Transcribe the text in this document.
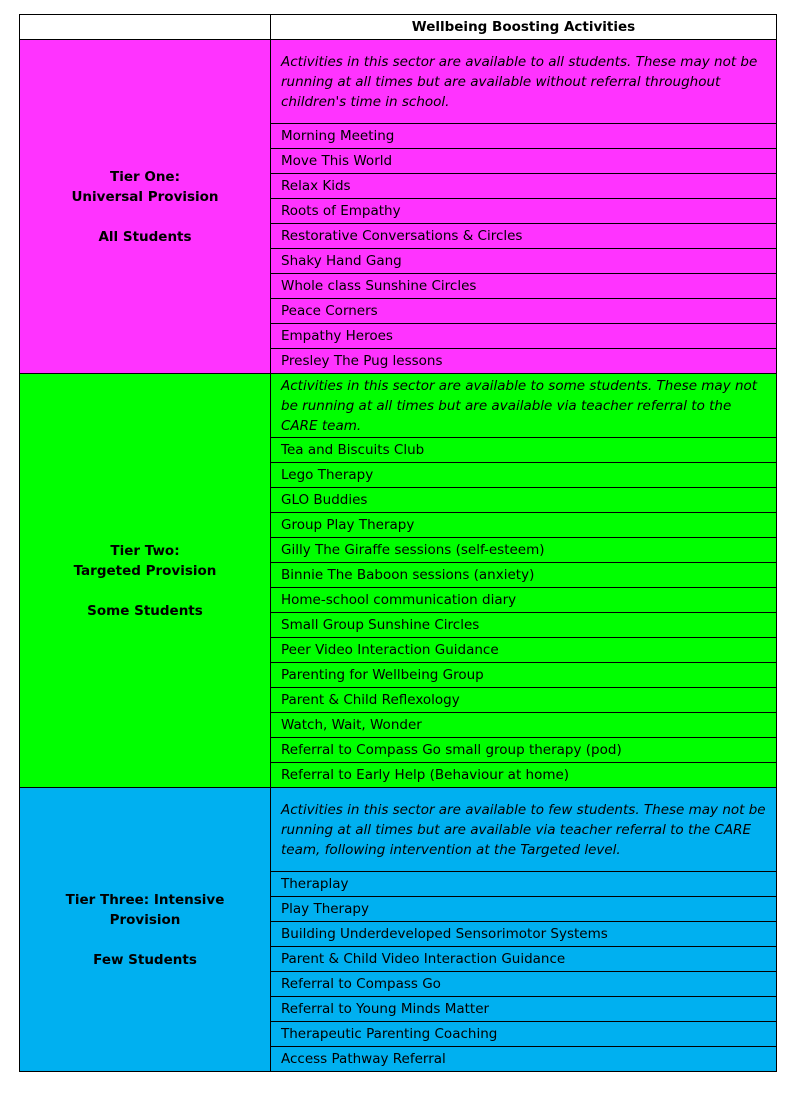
	Wellbeing Boosting Activities

Tier One:
Universal Provision
All Students	Activities in this sector are available to all students. These may not be running at all times but are available without referral throughout children's time in school.
	Morning Meeting
	Move This World
	Relax Kids
	Roots of Empathy
	Restorative Conversations & Circles
	Shaky Hand Gang
	Whole class Sunshine Circles
	Peace Corners
	Empathy Heroes
	Presley The Pug lessons

Tier Two:
Targeted Provision
Some Students	Activities in this sector are available to some students. These may not be running at all times but are available via teacher referral to the CARE team.
	Tea and Biscuits Club
	Lego Therapy
	GLO Buddies
	Group Play Therapy
	Gilly The Giraffe sessions (self-esteem)
	Binnie The Baboon sessions (anxiety)
	Home-school communication diary
	Small Group Sunshine Circles
	Peer Video Interaction Guidance
	Parenting for Wellbeing Group
	Parent & Child Reflexology
	Watch, Wait, Wonder
	Referral to Compass Go small group therapy (pod)
	Referral to Early Help (Behaviour at home)

Tier Three: Intensive Provision
Few Students	Activities in this sector are available to few students. These may not be running at all times but are available via teacher referral to the CARE team, following intervention at the Targeted level.
	Theraplay
	Play Therapy
	Building Underdeveloped Sensorimotor Systems
	Parent & Child Video Interaction Guidance
	Referral to Compass Go
	Referral to Young Minds Matter
	Therapeutic Parenting Coaching
	Access Pathway Referral
